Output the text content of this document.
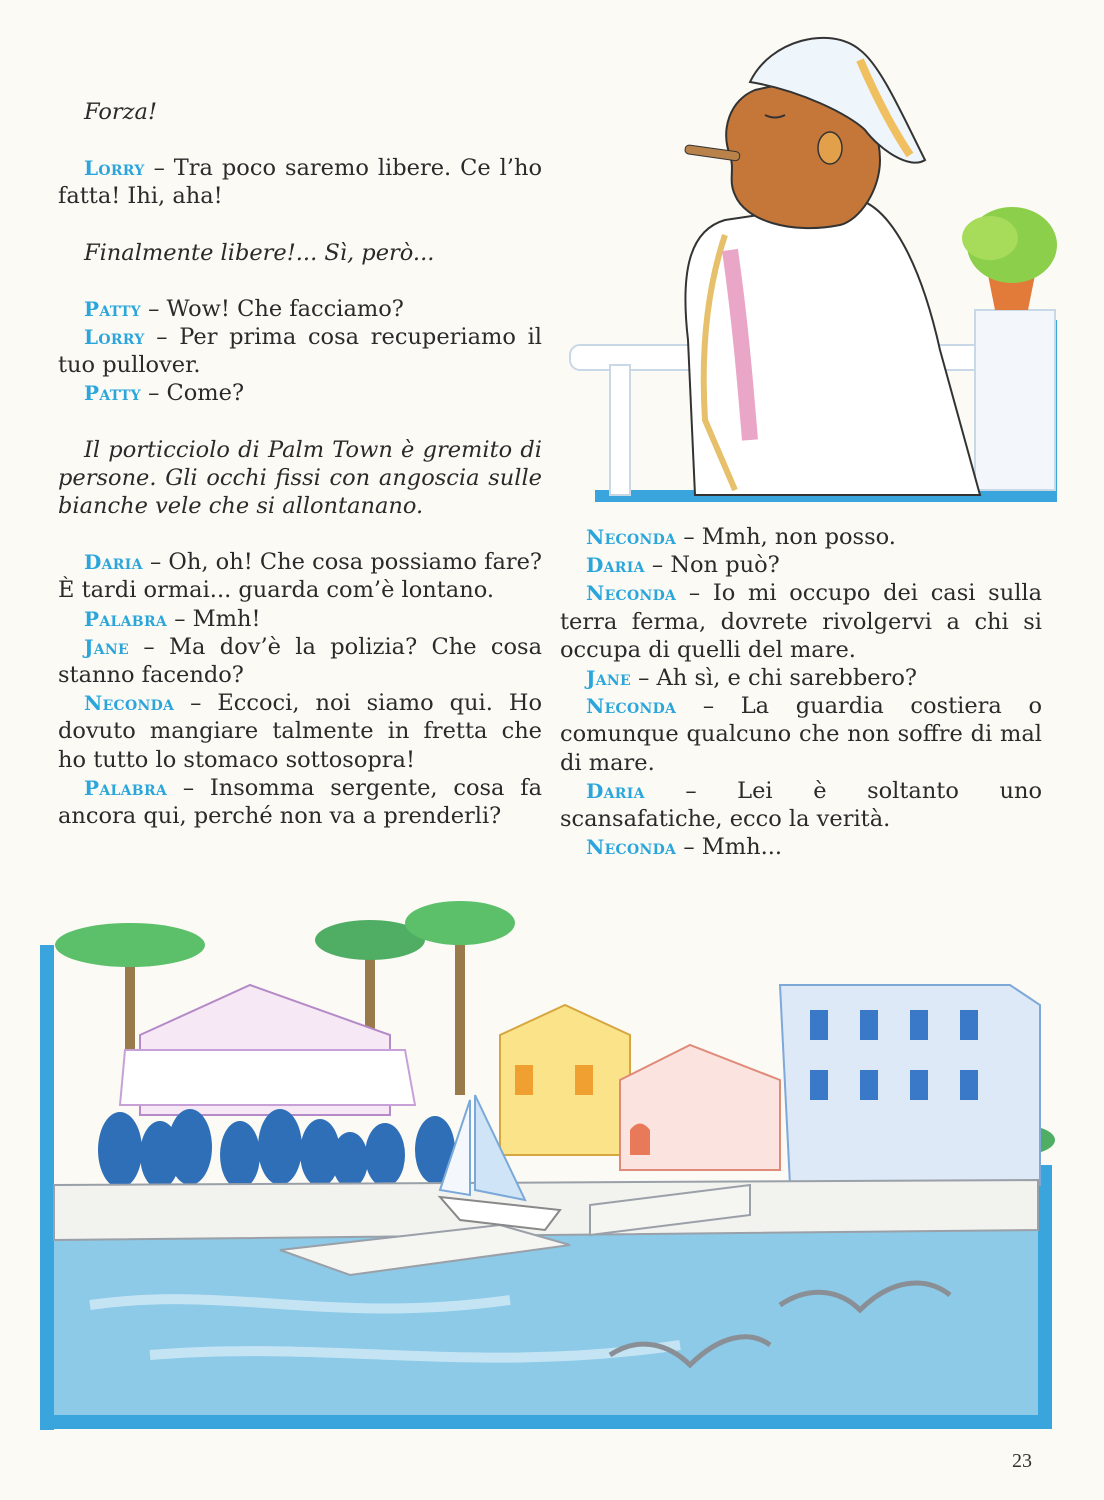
Forza!

Lorry – Tra poco saremo libere. Ce l’ho fatta! Ihi, aha!

Finalmente libere!... Sì, però...

Patty – Wow! Che facciamo?

Lorry – Per prima cosa recuperiamo il tuo pullover.

Patty – Come?

Il porticciolo di Palm Town è gremito di persone. Gli occhi fissi con angoscia sulle bianche vele che si allontanano.

Daria – Oh, oh! Che cosa possiamo fare? È tardi ormai... guarda com’è lontano.

Palabra – Mmh!

Jane – Ma dov’è la polizia? Che cosa stanno facendo?

Neconda – Eccoci, noi siamo qui. Ho dovuto mangiare talmente in fretta che ho tutto lo stomaco sottosopra!

Palabra – Insomma sergente, cosa fa ancora qui, perché non va a prenderli?

Neconda – Mmh, non posso.

Daria – Non può?

Neconda – Io mi occupo dei casi sulla terra ferma, dovrete rivolgervi a chi si occupa di quelli del mare.

Jane – Ah sì, e chi sarebbero?

Neconda – La guardia costiera o comunque qualcuno che non soffre di mal di mare.

Daria – Lei è soltanto uno scansafatiche, ecco la verità.

Neconda – Mmh...

23
